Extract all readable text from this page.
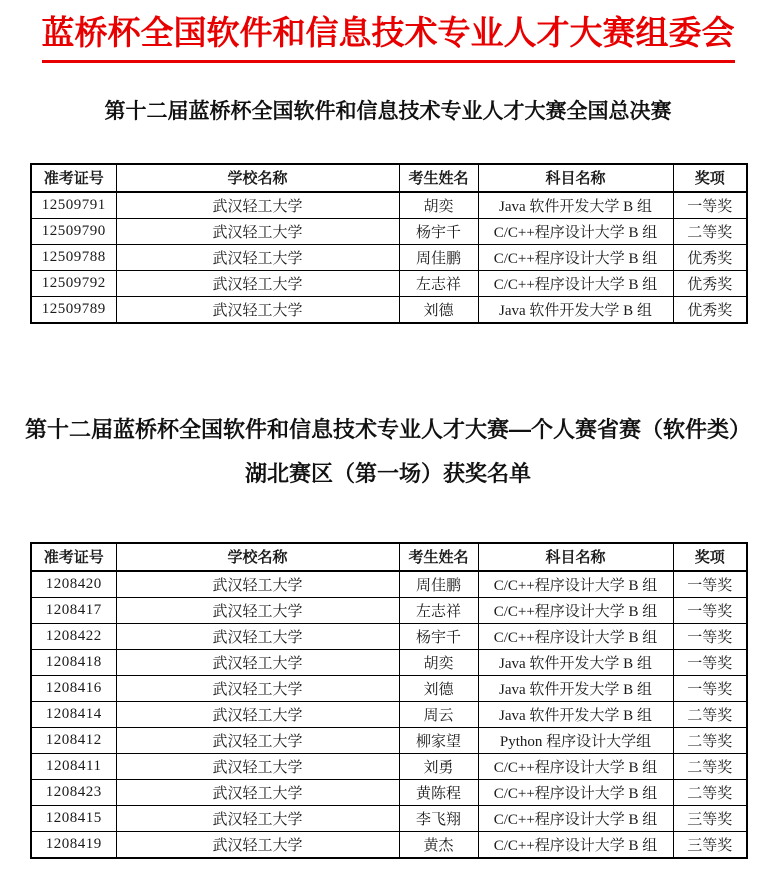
蓝桥杯全国软件和信息技术专业人才大赛组委会
第十二届蓝桥杯全国软件和信息技术专业人才大赛全国总决赛
准考证号	学校名称	考生姓名	科目名称	奖项
12509791	武汉轻工大学	胡奕	Java 软件开发大学 B 组	一等奖
12509790	武汉轻工大学	杨宇千	C/C++程序设计大学 B 组	二等奖
12509788	武汉轻工大学	周佳鹏	C/C++程序设计大学 B 组	优秀奖
12509792	武汉轻工大学	左志祥	C/C++程序设计大学 B 组	优秀奖
12509789	武汉轻工大学	刘德	Java 软件开发大学 B 组	优秀奖
第十二届蓝桥杯全国软件和信息技术专业人才大赛—个人赛省赛（软件类）
湖北赛区（第一场）获奖名单
准考证号	学校名称	考生姓名	科目名称	奖项
1208420	武汉轻工大学	周佳鹏	C/C++程序设计大学 B 组	一等奖
1208417	武汉轻工大学	左志祥	C/C++程序设计大学 B 组	一等奖
1208422	武汉轻工大学	杨宇千	C/C++程序设计大学 B 组	一等奖
1208418	武汉轻工大学	胡奕	Java 软件开发大学 B 组	一等奖
1208416	武汉轻工大学	刘德	Java 软件开发大学 B 组	一等奖
1208414	武汉轻工大学	周云	Java 软件开发大学 B 组	二等奖
1208412	武汉轻工大学	柳家望	Python 程序设计大学组	二等奖
1208411	武汉轻工大学	刘勇	C/C++程序设计大学 B 组	二等奖
1208423	武汉轻工大学	黄陈程	C/C++程序设计大学 B 组	二等奖
1208415	武汉轻工大学	李飞翔	C/C++程序设计大学 B 组	三等奖
1208419	武汉轻工大学	黄杰	C/C++程序设计大学 B 组	三等奖
